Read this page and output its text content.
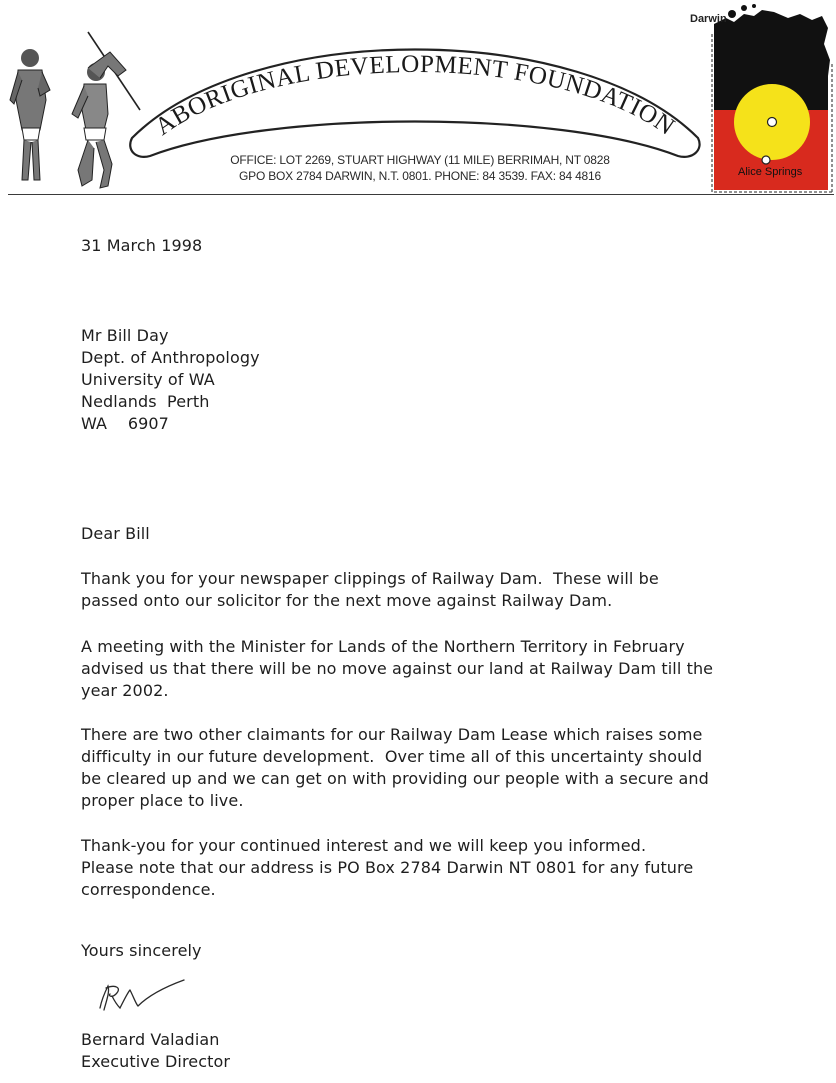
ABORIGINAL DEVELOPMENT FOUNDATION
OFFICE: LOT 2269, STUART HIGHWAY (11 MILE) BERRIMAH, NT 0828
GPO BOX 2784 DARWIN, N.T. 0801. PHONE: 84 3539. FAX: 84 4816
Darwin
Alice Springs
31 March 1998
Mr Bill Day
Dept. of Anthropology
University of WA
Nedlands  Perth
WA    6907
Dear Bill
Thank you for your newspaper clippings of Railway Dam.  These will be
passed onto our solicitor for the next move against Railway Dam.
A meeting with the Minister for Lands of the Northern Territory in February
advised us that there will be no move against our land at Railway Dam till the
year 2002.
There are two other claimants for our Railway Dam Lease which raises some
difficulty in our future development.  Over time all of this uncertainty should
be cleared up and we can get on with providing our people with a secure and
proper place to live.
Thank-you for your continued interest and we will keep you informed.
Please note that our address is PO Box 2784 Darwin NT 0801 for any future
correspondence.
Yours sincerely
Bernard Valadian
Executive Director
